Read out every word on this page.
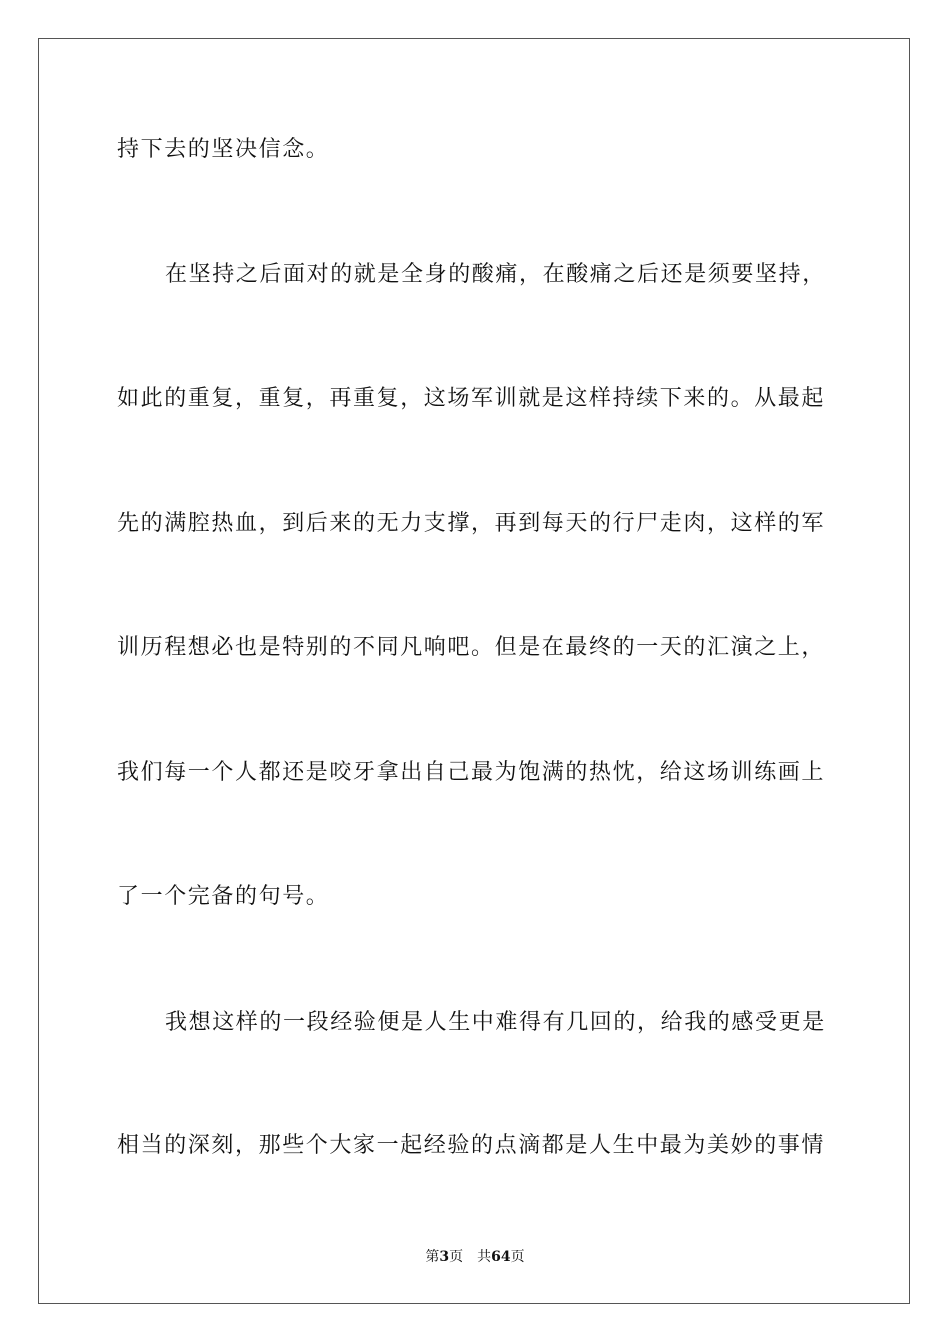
持下去的坚决信念。
在坚持之后面对的就是全身的酸痛，在酸痛之后还是须要坚持，
如此的重复，重复，再重复，这场军训就是这样持续下来的。从最起
先的满腔热血，到后来的无力支撑，再到每天的行尸走肉，这样的军
训历程想必也是特别的不同凡响吧。但是在最终的一天的汇演之上，
我们每一个人都还是咬牙拿出自己最为饱满的热忱，给这场训练画上
了一个完备的句号。
我想这样的一段经验便是人生中难得有几回的，给我的感受更是
相当的深刻，那些个大家一起经验的点滴都是人生中最为美妙的事情
第3页 共64页
